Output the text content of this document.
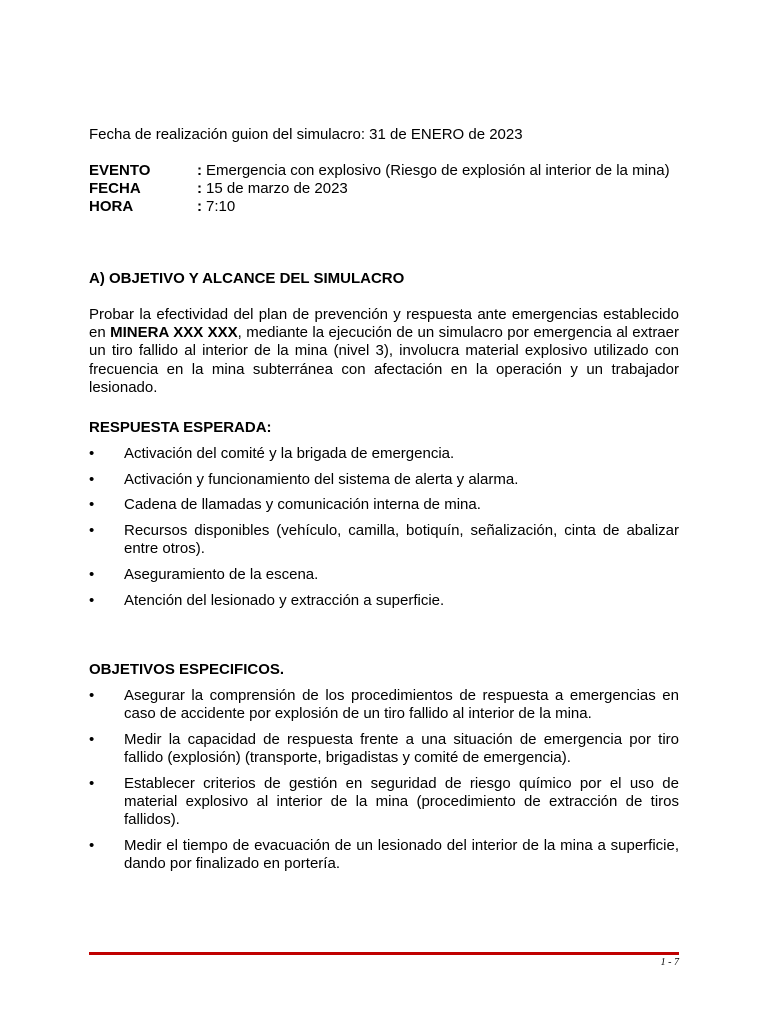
Fecha de realización guion del simulacro: 31 de ENERO de 2023
EVENTO	: Emergencia con explosivo (Riesgo de explosión al interior de la mina)
FECHA	: 15 de marzo de 2023
HORA	: 7:10
A) OBJETIVO Y ALCANCE DEL SIMULACRO

Probar la efectividad del plan de prevención y respuesta ante emergencias establecido en MINERA XXX XXX, mediante la ejecución de un simulacro por emergencia al extraer un tiro fallido al interior de la mina (nivel 3), involucra material explosivo utilizado con frecuencia en la mina subterránea con afectación en la operación y un trabajador lesionado.

RESPUESTA ESPERADA:
•	Activación del comité y la brigada de emergencia.
•	Activación y funcionamiento del sistema de alerta y alarma.
•	Cadena de llamadas y comunicación interna de mina.
•	Recursos disponibles (vehículo, camilla, botiquín, señalización, cinta de abalizar entre otros).
•	Aseguramiento de la escena.
•	Atención del lesionado y extracción a superficie.
OBJETIVOS ESPECIFICOS.
•	Asegurar la comprensión de los procedimientos de respuesta a emergencias en caso de accidente por explosión de un tiro fallido al interior de la mina.
•	Medir la capacidad de respuesta frente a una situación de emergencia por tiro fallido (explosión) (transporte, brigadistas y comité de emergencia).
•	Establecer criterios de gestión en seguridad de riesgo químico por el uso de material explosivo al interior de la mina (procedimiento de extracción de tiros fallidos).
•	Medir el tiempo de evacuación de un lesionado del interior de la mina a superficie, dando por finalizado en portería.
1 - 7
